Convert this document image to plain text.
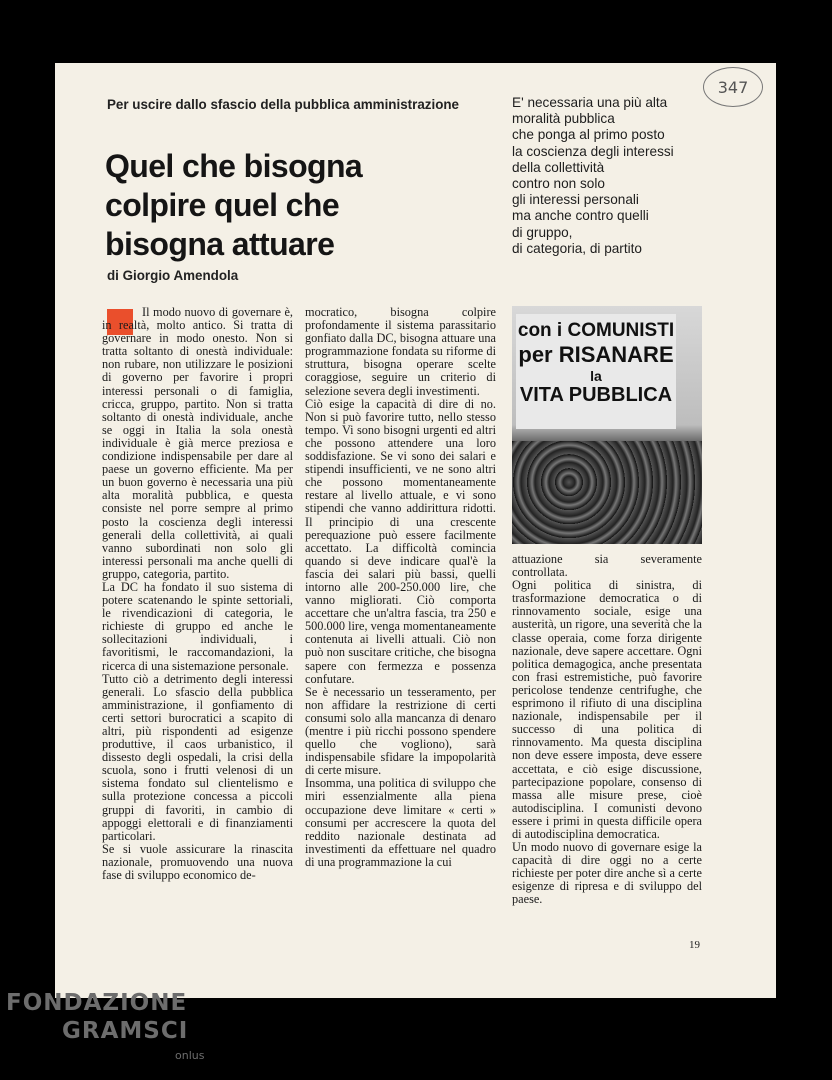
347
Per uscire dallo sfascio della pubblica amministrazione
Quel che bisogna
colpire quel che
bisogna attuare
di Giorgio Amendola
E' necessaria una più alta
moralità pubblica
che ponga al primo posto
la coscienza degli interessi
della collettività
contro non solo
gli interessi personali
ma anche contro quelli
di gruppo,
di categoria, di partito

Il modo nuovo di governare è, in realtà, molto antico. Si tratta di governare in modo onesto. Non si tratta soltanto di onestà individuale: non rubare, non utilizzare le posizioni di governo per favorire i propri interessi personali o di famiglia, cricca, gruppo, partito. Non si tratta soltanto di onestà individuale, anche se oggi in Italia la sola onestà individuale è già merce preziosa e condizione indispensabile per dare al paese un governo efficiente. Ma per un buon governo è necessaria una più alta moralità pubblica, e questa consiste nel porre sempre al primo posto la coscienza degli interessi generali della collettività, ai quali vanno subordinati non solo gli interessi personali ma anche quelli di gruppo, categoria, partito.

La DC ha fondato il suo sistema di potere scatenando le spinte settoriali, le rivendicazioni di categoria, le richieste di gruppo ed anche le sollecitazioni individuali, i favoritismi, le raccomandazioni, la ricerca di una sistemazione personale.

Tutto ciò a detrimento degli interessi generali. Lo sfascio della pubblica amministrazione, il gonfiamento di certi settori burocratici a scapito di altri, più rispondenti ad esigenze produttive, il caos urbanistico, il dissesto degli ospedali, la crisi della scuola, sono i frutti velenosi di un sistema fondato sul clientelismo e sulla protezione concessa a piccoli gruppi di favoriti, in cambio di appoggi elettorali e di finanziamenti particolari.

Se si vuole assicurare la rinascita nazionale, promuovendo una nuova fase di sviluppo economico de-

mocratico, bisogna colpire profondamente il sistema parassitario gonfiato dalla DC, bisogna attuare una programmazione fondata su riforme di struttura, bisogna operare scelte coraggiose, seguire un criterio di selezione severa degli investimenti.

Ciò esige la capacità di dire di no. Non si può favorire tutto, nello stesso tempo. Vi sono bisogni urgenti ed altri che possono attendere una loro soddisfazione. Se vi sono dei salari e stipendi insufficienti, ve ne sono altri che possono momentaneamente restare al livello attuale, e vi sono stipendi che vanno addirittura ridotti. Il principio di una crescente perequazione può essere facilmente accettato. La difficoltà comincia quando si deve indicare qual'è la fascia dei salari più bassi, quelli intorno alle 200-250.000 lire, che vanno migliorati. Ciò comporta accettare che un'altra fascia, tra 250 e 500.000 lire, venga momentaneamente contenuta ai livelli attuali. Ciò non può non suscitare critiche, che bisogna sapere con fermezza e possenza confutare.

Se è necessario un tesseramento, per non affidare la restrizione di certi consumi solo alla mancanza di denaro (mentre i più ricchi possono spendere quello che vogliono), sarà indispensabile sfidare la impopolarità di certe misure.

Insomma, una politica di sviluppo che miri essenzialmente alla piena occupazione deve limitare « certi » consumi per accrescere la quota del reddito nazionale destinata ad investimenti da effettuare nel quadro di una programmazione la cui

con i COMUNISTI
per RISANARE
la
VITA PUBBLICA

attuazione sia severamente controllata.

Ogni politica di sinistra, di trasformazione democratica o di rinnovamento sociale, esige una austerità, un rigore, una severità che la classe operaia, come forza dirigente nazionale, deve sapere accettare. Ogni politica demagogica, anche presentata con frasi estremistiche, può favorire pericolose tendenze centrifughe, che esprimono il rifiuto di una disciplina nazionale, indispensabile per il successo di una politica di rinnovamento. Ma questa disciplina non deve essere imposta, deve essere accettata, e ciò esige discussione, partecipazione popolare, consenso di massa alle misure prese, cioè autodisciplina. I comunisti devono essere i primi in questa difficile opera di autodisciplina democratica.

Un modo nuovo di governare esige la capacità di dire oggi no a certe richieste per poter dire anche sì a certe esigenze di ripresa e di sviluppo del paese.

19
FONDAZIONE
GRAMSCI
onlus
